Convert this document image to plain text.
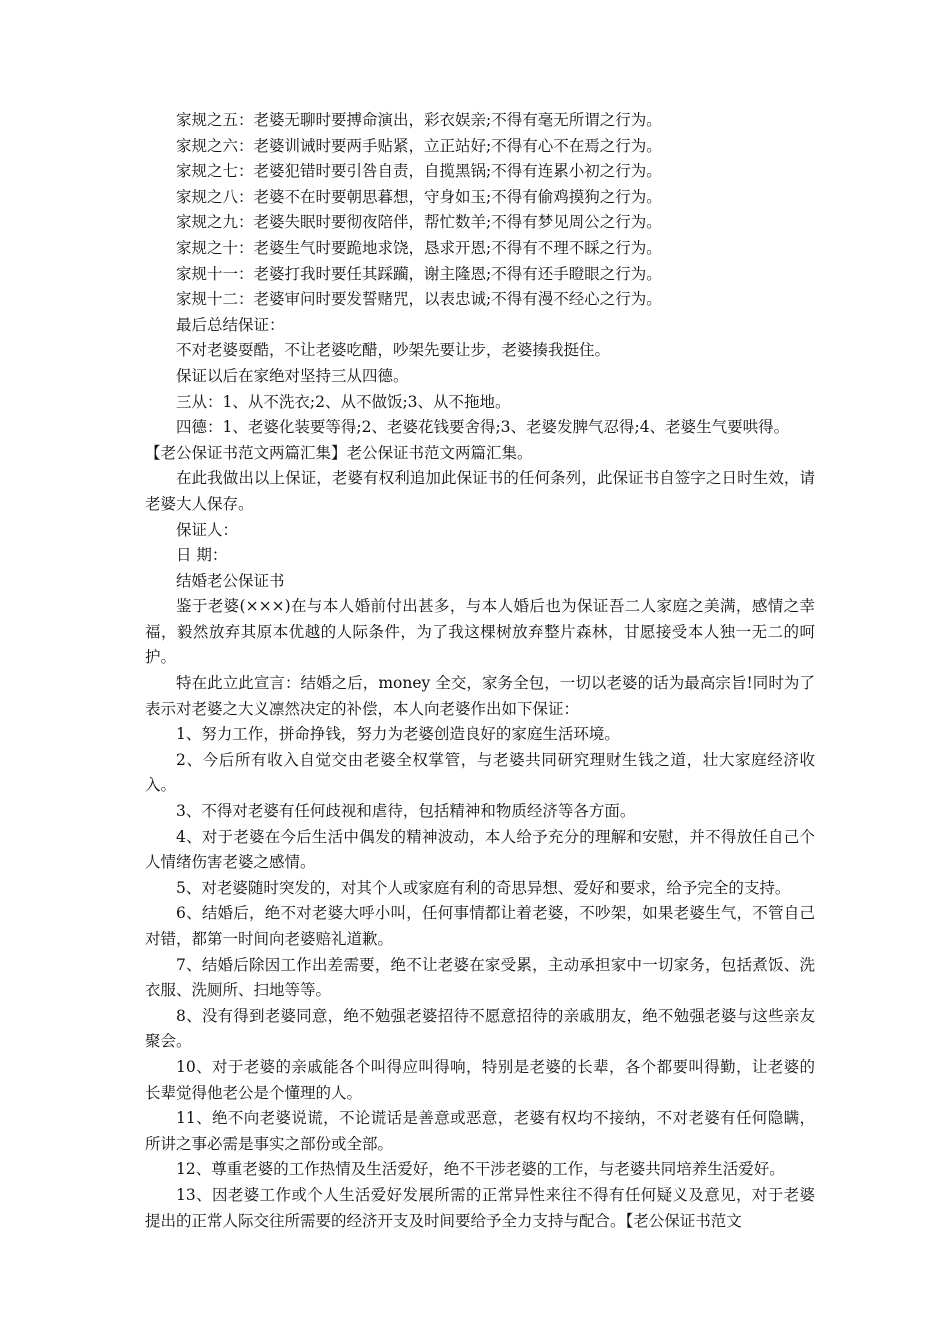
家规之五：老婆无聊时要搏命演出，彩衣娱亲;不得有毫无所谓之行为。

家规之六：老婆训诫时要两手贴紧，立正站好;不得有心不在焉之行为。

家规之七：老婆犯错时要引咎自责，自揽黑锅;不得有连累小初之行为。

家规之八：老婆不在时要朝思暮想，守身如玉;不得有偷鸡摸狗之行为。

家规之九：老婆失眠时要彻夜陪伴，帮忙数羊;不得有梦见周公之行为。

家规之十：老婆生气时要跪地求饶，恳求开恩;不得有不理不睬之行为。

家规十一：老婆打我时要任其踩躏，谢主隆恩;不得有还手瞪眼之行为。

家规十二：老婆审问时要发誓赌咒，以表忠诚;不得有漫不经心之行为。

最后总结保证：

不对老婆耍酷，不让老婆吃醋，吵架先要让步，老婆揍我挺住。

保证以后在家绝对坚持三从四德。

三从：1、从不洗衣;2、从不做饭;3、从不拖地。

四德：1、老婆化装要等得;2、老婆花钱要舍得;3、老婆发脾气忍得;4、老婆生气要哄得。

【老公保证书范文两篇汇集】老公保证书范文两篇汇集。

在此我做出以上保证，老婆有权利追加此保证书的任何条列，此保证书自签字之日时生效，请老婆大人保存。

保证人：

日 期：

结婚老公保证书

鉴于老婆(×××)在与本人婚前付出甚多，与本人婚后也为保证吾二人家庭之美满，感情之幸福，毅然放弃其原本优越的人际条件，为了我这棵树放弃整片森林，甘愿接受本人独一无二的呵护。

特在此立此宣言：结婚之后，money 全交，家务全包，一切以老婆的话为最高宗旨!同时为了表示对老婆之大义凛然决定的补偿，本人向老婆作出如下保证：

1、努力工作，拼命挣钱，努力为老婆创造良好的家庭生活环境。

2、今后所有收入自觉交由老婆全权掌管，与老婆共同研究理财生钱之道，壮大家庭经济收入。

3、不得对老婆有任何歧视和虐待，包括精神和物质经济等各方面。

4、对于老婆在今后生活中偶发的精神波动，本人给予充分的理解和安慰，并不得放任自己个人情绪伤害老婆之感情。

5、对老婆随时突发的，对其个人或家庭有利的奇思异想、爱好和要求，给予完全的支持。

6、结婚后，绝不对老婆大呼小叫，任何事情都让着老婆，不吵架，如果老婆生气，不管自己对错，都第一时间向老婆赔礼道歉。

7、结婚后除因工作出差需要，绝不让老婆在家受累，主动承担家中一切家务，包括煮饭、洗衣服、洗厕所、扫地等等。

8、没有得到老婆同意，绝不勉强老婆招待不愿意招待的亲戚朋友，绝不勉强老婆与这些亲友聚会。

10、对于老婆的亲戚能各个叫得应叫得响，特别是老婆的长辈，各个都要叫得勤，让老婆的长辈觉得他老公是个懂理的人。

11、绝不向老婆说谎，不论谎话是善意或恶意，老婆有权均不接纳，不对老婆有任何隐瞒，所讲之事必需是事实之部份或全部。

12、尊重老婆的工作热情及生活爱好，绝不干涉老婆的工作，与老婆共同培养生活爱好。

13、因老婆工作或个人生活爱好发展所需的正常异性来往不得有任何疑义及意见，对于老婆提出的正常人际交往所需要的经济开支及时间要给予全力支持与配合。【老公保证书范文
